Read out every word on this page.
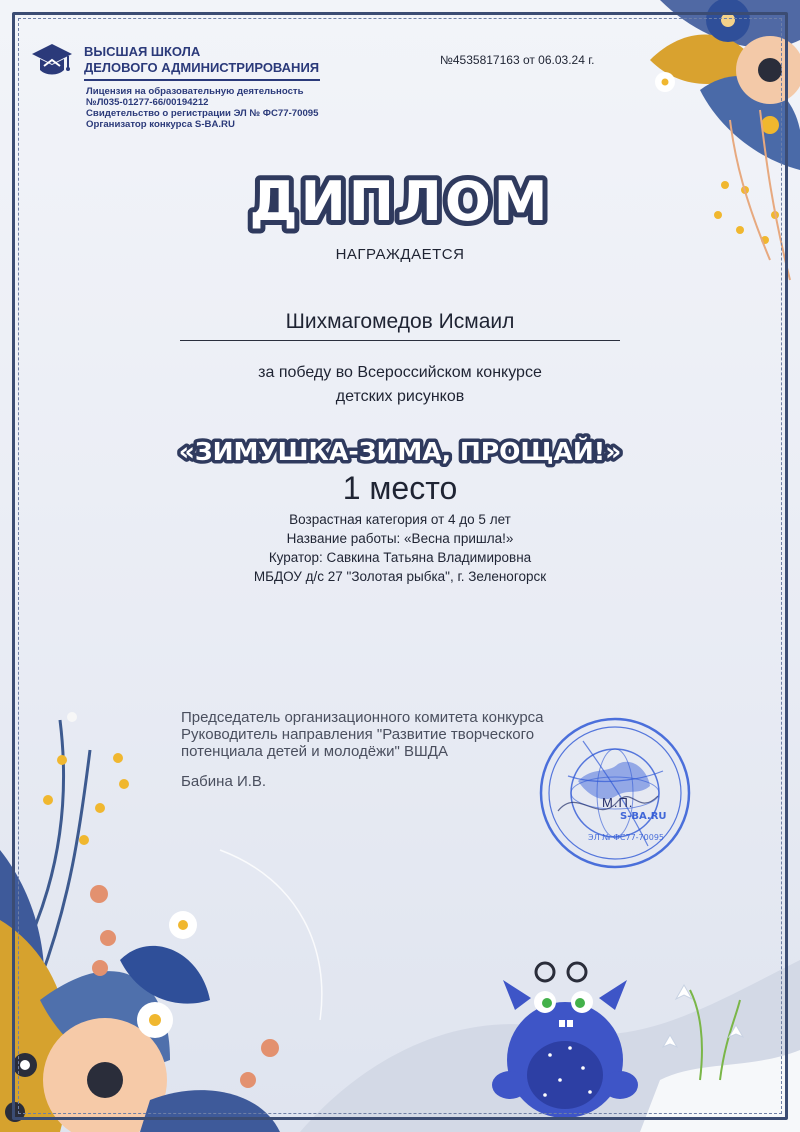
ВЫСШАЯ ШКОЛА
ДЕЛОВОГО АДМИНИСТРИРОВАНИЯ
Лицензия на образовательную деятельность
№Л035-01277-66/00194212
Свидетельство о регистрации ЭЛ № ФС77-70095
Организатор конкурса S-BA.RU
№4535817163 от 06.03.24 г.
ДИПЛОМ
НАГРАЖДАЕТСЯ
Шихмагомедов Исмаил
за победу во Всероссийском конкурсе
детских рисунков
«ЗИМУШКА-ЗИМА, ПРОЩАЙ!»
1 место
Возрастная категория от 4 до 5 лет
Название работы: «Весна пришла!»
Куратор: Савкина Татьяна Владимировна
МБДОУ д/с 27 "Золотая рыбка", г. Зеленогорск
Председатель организационного комитета конкурса
Руководитель направления "Развитие творческого
потенциала детей и молодёжи" ВШДА
Бабина И.В.
S-BA.RU
ЭЛ № ФС77-70095
М.П.
